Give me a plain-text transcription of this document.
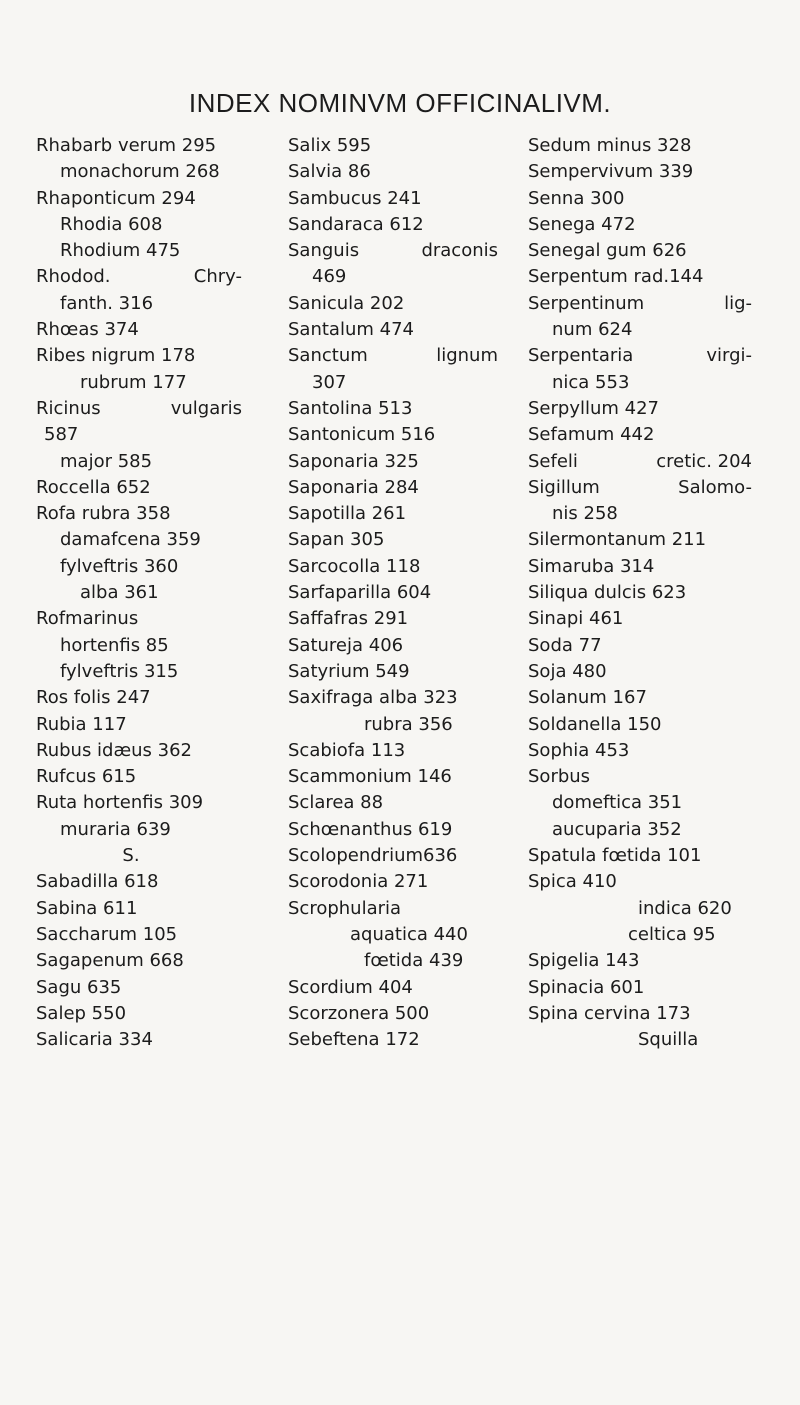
INDEX NOMINVM OFFICINALIVM.
Rhabarb verum 295
monachorum 268
Rhaponticum 294
Rhodia 608
Rhodium 475
Rhodod.	Chry-
fanth. 316
Rhœas 374
Ribes nigrum 178
rubrum 177
Ricinus	vulgaris
587
major 585
Roccella 652
Rofa rubra 358
damafcena 359
fylveftris 360
alba 361
Rofmarinus
hortenfis 85
fylveftris 315
Ros folis 247
Rubia 117
Rubus idæus 362
Rufcus 615
Ruta hortenfis 309
muraria 639
S.
Sabadilla 618
Sabina 611
Saccharum 105
Sagapenum 668
Sagu 635
Salep 550
Salicaria 334
Salix 595
Salvia 86
Sambucus 241
Sandaraca 612
Sanguis	draconis
469
Sanicula 202
Santalum 474
Sanctum	lignum
307
Santolina 513
Santonicum 516
Saponaria 325
Saponaria 284
Sapotilla 261
Sapan 305
Sarcocolla 118
Sarfaparilla 604
Saffafras 291
Satureja 406
Satyrium 549
Saxifraga alba 323
rubra 356
Scabiofa 113
Scammonium 146
Sclarea 88
Schœnanthus 619
Scolopendrium636
Scorodonia 271
Scrophularia
aquatica 440
fœtida 439
Scordium 404
Scorzonera 500
Sebeftena 172
Sedum minus 328
Sempervivum 339
Senna 300
Senega 472
Senegal gum 626
Serpentum rad.144
Serpentinum	lig-
num 624
Serpentaria	virgi-
nica 553
Serpyllum 427
Sefamum 442
Sefeli	cretic. 204
Sigillum	Salomo-
nis 258
Silermontanum 211
Simaruba 314
Siliqua dulcis 623
Sinapi 461
Soda 77
Soja 480
Solanum 167
Soldanella 150
Sophia 453
Sorbus
domeftica 351
aucuparia 352
Spatula fœtida 101
Spica 410
indica 620
celtica 95
Spigelia 143
Spinacia 601
Spina cervina 173
Squilla
